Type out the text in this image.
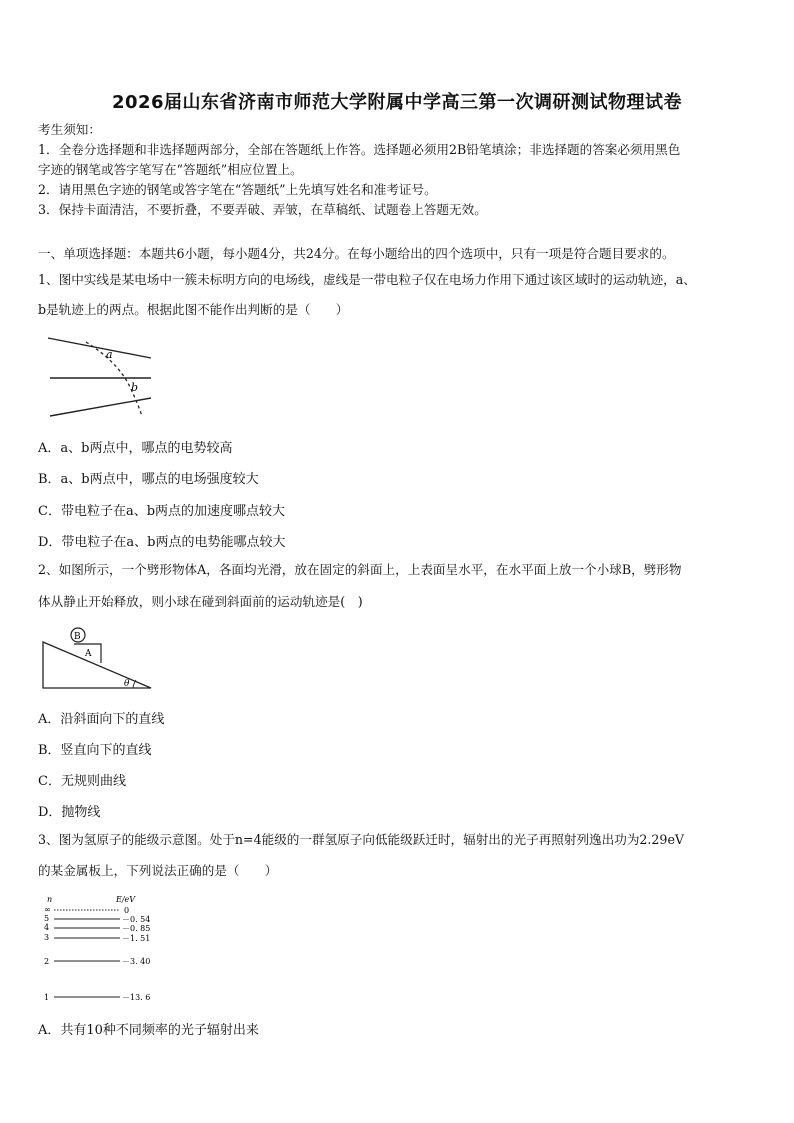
2026届山东省济南市师范大学附属中学高三第一次调研测试物理试卷
考生须知：
1．全卷分选择题和非选择题两部分，全部在答题纸上作答。选择题必须用2B铅笔填涂；非选择题的答案必须用黑色
字迹的钢笔或答字笔写在“答题纸”相应位置上。
2．请用黑色字迹的钢笔或答字笔在“答题纸”上先填写姓名和准考证号。
3．保持卡面清洁，不要折叠，不要弄破、弄皱，在草稿纸、试题卷上答题无效。
一、单项选择题：本题共6小题，每小题4分，共24分。在每小题给出的四个选项中，只有一项是符合题目要求的。
1、图中实线是某电场中一簇未标明方向的电场线，虚线是一带电粒子仅在电场力作用下通过该区域时的运动轨迹，a、
b是轨迹上的两点。根据此图不能作出判断的是（　　）
a
b
A．a、b两点中，哪点的电势较高
B．a、b两点中，哪点的电场强度较大
C．带电粒子在a、b两点的加速度哪点较大
D．带电粒子在a、b两点的电势能哪点较大
2、如图所示，一个劈形物体A，各面均光滑，放在固定的斜面上，上表面呈水平，在水平面上放一个小球B，劈形物
体从静止开始释放，则小球在碰到斜面前的运动轨迹是(　)
B
A
θ
A．沿斜面向下的直线
B．竖直向下的直线
C．无规则曲线
D．抛物线
3、图为氢原子的能级示意图。处于n=4能级的一群氢原子向低能级跃迁时，辐射出的光子再照射列逸出功为2.29eV
的某金属板上，下列说法正确的是（　　）
n	E/eV
∞	0
5	－0. 54
4	－0. 85
3	－1. 51
2	－3. 40
1	－13. 6
A．共有10种不同频率的光子辐射出来
